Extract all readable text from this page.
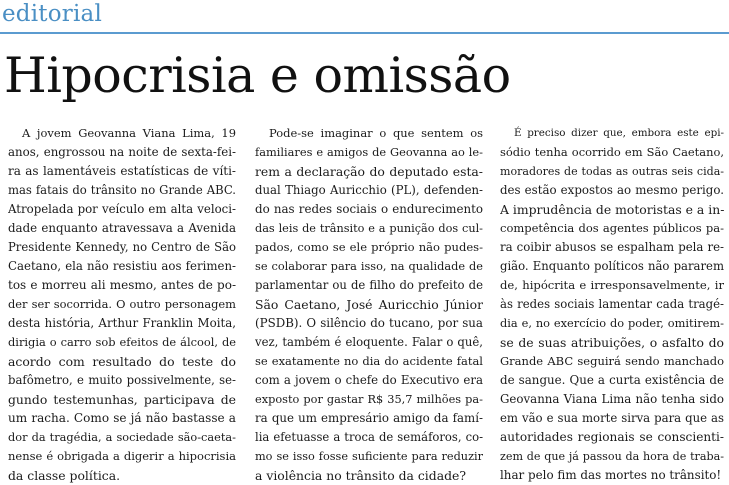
editorial
Hipocrisia e omissão
A jovem Geovanna Viana Lima, 19
anos, engrossou na noite de sexta-fei-
ra as lamentáveis estatísticas de víti-
mas fatais do trânsito no Grande ABC.
Atropelada por veículo em alta veloci-
dade enquanto atravessava a Avenida
Presidente Kennedy, no Centro de São
Caetano, ela não resistiu aos ferimen-
tos e morreu ali mesmo, antes de po-
der ser socorrida. O outro personagem
desta história, Arthur Franklin Moita,
dirigia o carro sob efeitos de álcool, de
acordo com resultado do teste do
bafômetro, e muito possivelmente, se-
gundo testemunhas, participava de
um racha. Como se já não bastasse a
dor da tragédia, a sociedade são-caeta-
nense é obrigada a digerir a hipocrisia
da classe política.
Pode-se imaginar o que sentem os
familiares e amigos de Geovanna ao le-
rem a declaração do deputado esta-
dual Thiago Auricchio (PL), defenden-
do nas redes sociais o endurecimento
das leis de trânsito e a punição dos cul-
pados, como se ele próprio não pudes-
se colaborar para isso, na qualidade de
parlamentar ou de filho do prefeito de
São Caetano, José Auricchio Júnior
(PSDB). O silêncio do tucano, por sua
vez, também é eloquente. Falar o quê,
se exatamente no dia do acidente fatal
com a jovem o chefe do Executivo era
exposto por gastar R$ 35,7 milhões pa-
ra que um empresário amigo da famí-
lia efetuasse a troca de semáforos, co-
mo se isso fosse suficiente para reduzir
a violência no trânsito da cidade?
É preciso dizer que, embora este epi-
sódio tenha ocorrido em São Caetano,
moradores de todas as outras seis cida-
des estão expostos ao mesmo perigo.
A imprudência de motoristas e a in-
competência dos agentes públicos pa-
ra coibir abusos se espalham pela re-
gião. Enquanto políticos não pararem
de, hipócrita e irresponsavelmente, ir
às redes sociais lamentar cada tragé-
dia e, no exercício do poder, omitirem-
se de suas atribuições, o asfalto do
Grande ABC seguirá sendo manchado
de sangue. Que a curta existência de
Geovanna Viana Lima não tenha sido
em vão e sua morte sirva para que as
autoridades regionais se conscienti-
zem de que já passou da hora de traba-
lhar pelo fim das mortes no trânsito!
